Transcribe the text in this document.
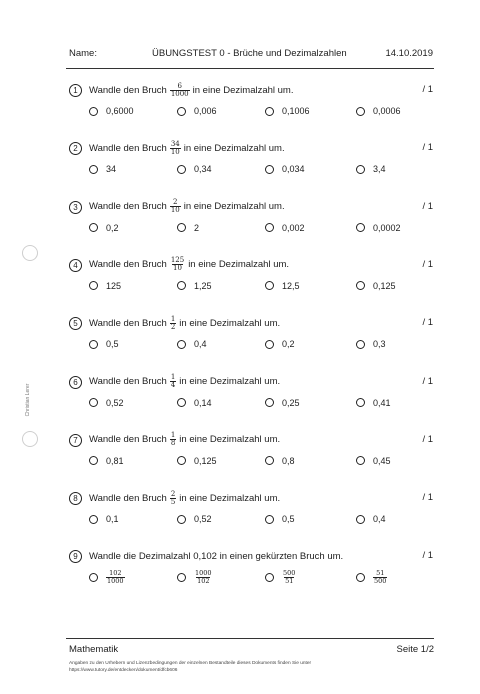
Christian Lerer
Name:	ÜBUNGSTEST 0 - Brüche und Dezimalzahlen	14.10.2019
1	Wandle den Bruch $\frac{6}{1000}$ in eine Dezimalzahl um.	/ 1
0,6000	0,006	0,1006	0,0006
2	Wandle den Bruch $\frac{34}{10}$ in eine Dezimalzahl um.	/ 1
34	0,34	0,034	3,4
3	Wandle den Bruch $\frac{2}{10}$ in eine Dezimalzahl um.	/ 1
0,2	2	0,002	0,0002
4	Wandle den Bruch $\frac{125}{10}$ in eine Dezimalzahl um.	/ 1
125	1,25	12,5	0,125
5	Wandle den Bruch $\frac{1}{2}$ in eine Dezimalzahl um.	/ 1
0,5	0,4	0,2	0,3
6	Wandle den Bruch $\frac{1}{4}$ in eine Dezimalzahl um.	/ 1
0,52	0,14	0,25	0,41
7	Wandle den Bruch $\frac{1}{8}$ in eine Dezimalzahl um.	/ 1
0,81	0,125	0,8	0,45
8	Wandle den Bruch $\frac{2}{5}$ in eine Dezimalzahl um.	/ 1
0,1	0,52	0,5	0,4
9	Wandle die Dezimalzahl 0,102 in einen gekürzten Bruch um.	/ 1
$\frac{102}{1000}$	$\frac{1000}{102}$	$\frac{500}{51}$	$\frac{51}{500}$
Mathematik	Seite 1/2
Angaben zu den Urhebern und Lizenzbedingungen der einzelnen Bestandteile dieses Dokuments finden Sie unter
https://www.tutory.de/entdecken/dokument/dfcb606
